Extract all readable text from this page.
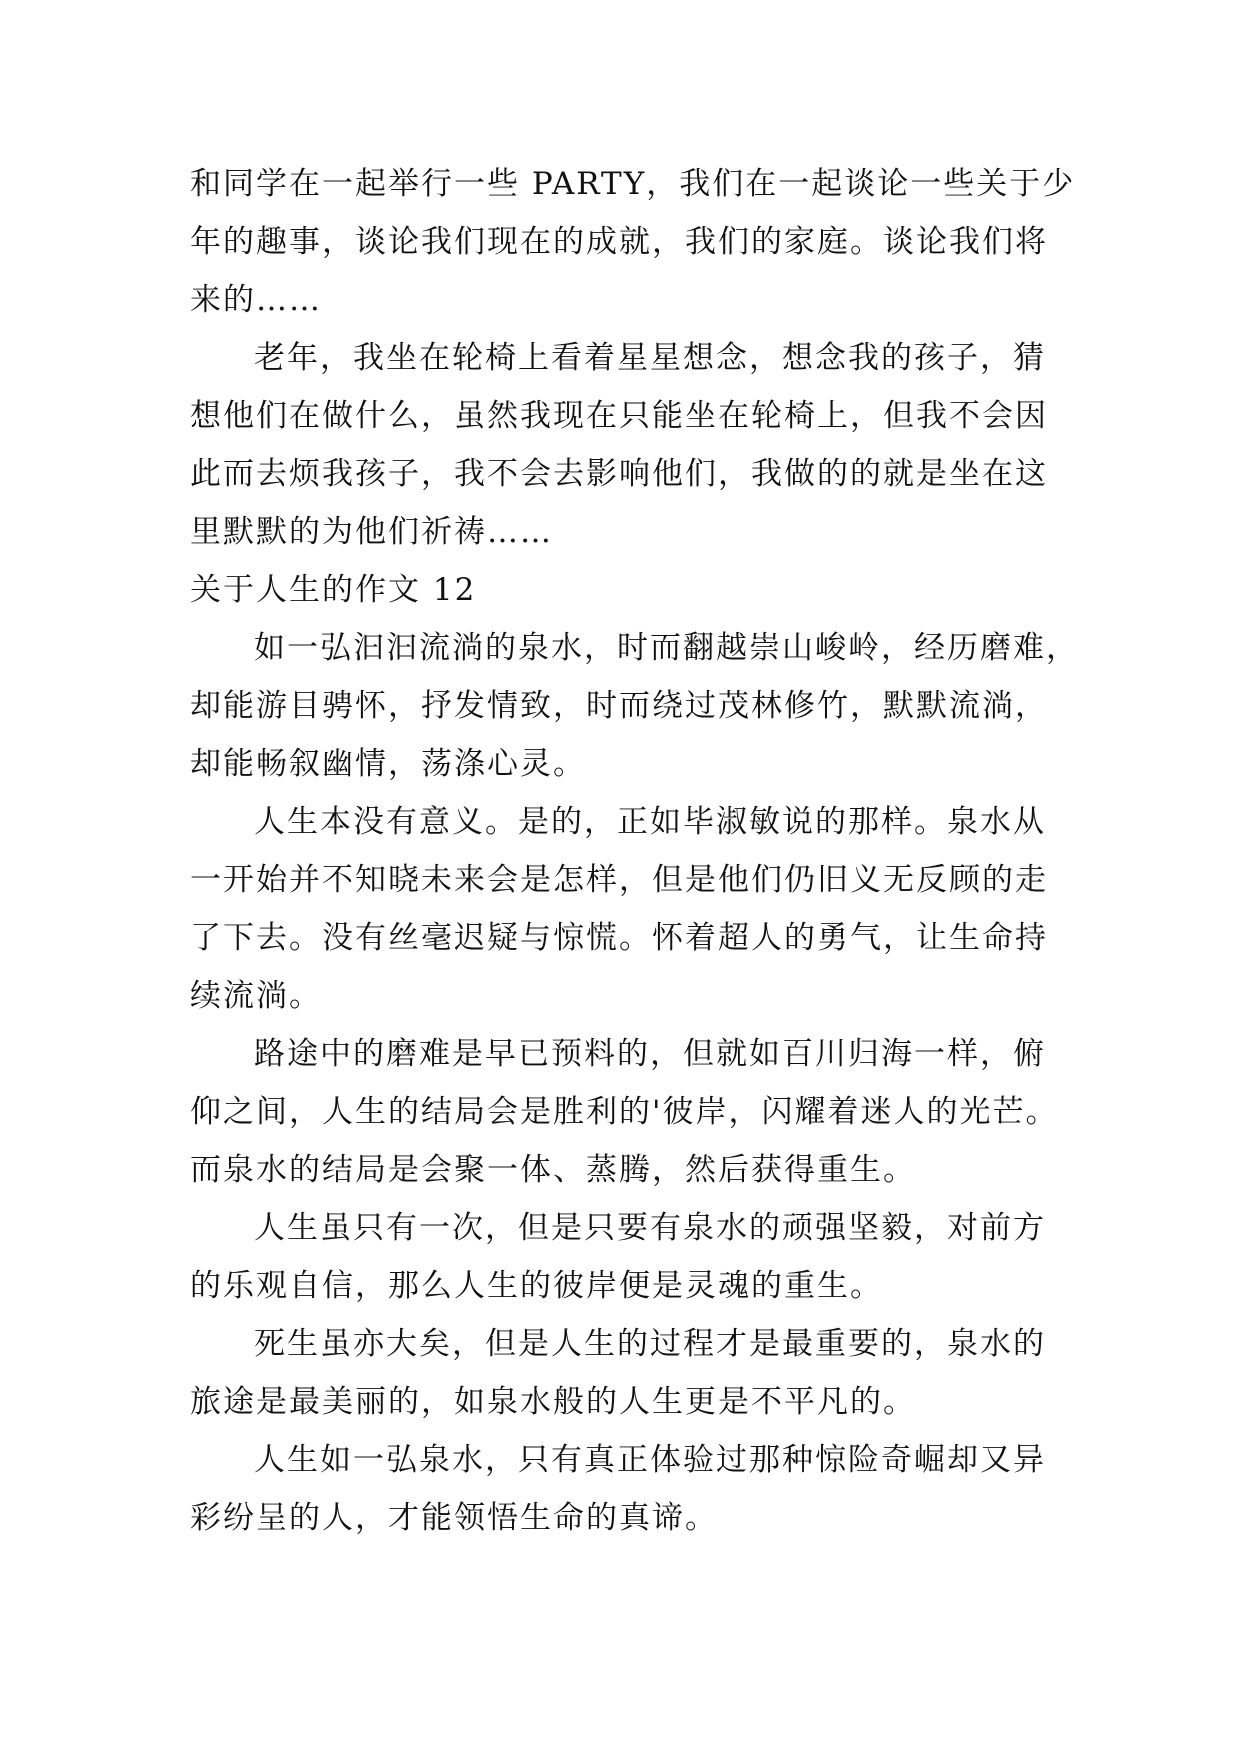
和同学在一起举行一些 PARTY，我们在一起谈论一些关于少

年的趣事，谈论我们现在的成就，我们的家庭。谈论我们将

来的……

老年，我坐在轮椅上看着星星想念，想念我的孩子，猜

想他们在做什么，虽然我现在只能坐在轮椅上，但我不会因

此而去烦我孩子，我不会去影响他们，我做的的就是坐在这

里默默的为他们祈祷……

关于人生的作文 12

如一弘汩汩流淌的泉水，时而翻越崇山峻岭，经历磨难，

却能游目骋怀，抒发情致，时而绕过茂林修竹，默默流淌，

却能畅叙幽情，荡涤心灵。

人生本没有意义。是的，正如毕淑敏说的那样。泉水从

一开始并不知晓未来会是怎样，但是他们仍旧义无反顾的走

了下去。没有丝毫迟疑与惊慌。怀着超人的勇气，让生命持

续流淌。

路途中的磨难是早已预料的，但就如百川归海一样，俯

仰之间，人生的结局会是胜利的'彼岸，闪耀着迷人的光芒。

而泉水的结局是会聚一体、蒸腾，然后获得重生。

人生虽只有一次，但是只要有泉水的顽强坚毅，对前方

的乐观自信，那么人生的彼岸便是灵魂的重生。

死生虽亦大矣，但是人生的过程才是最重要的，泉水的

旅途是最美丽的，如泉水般的人生更是不平凡的。

人生如一弘泉水，只有真正体验过那种惊险奇崛却又异

彩纷呈的人，才能领悟生命的真谛。
